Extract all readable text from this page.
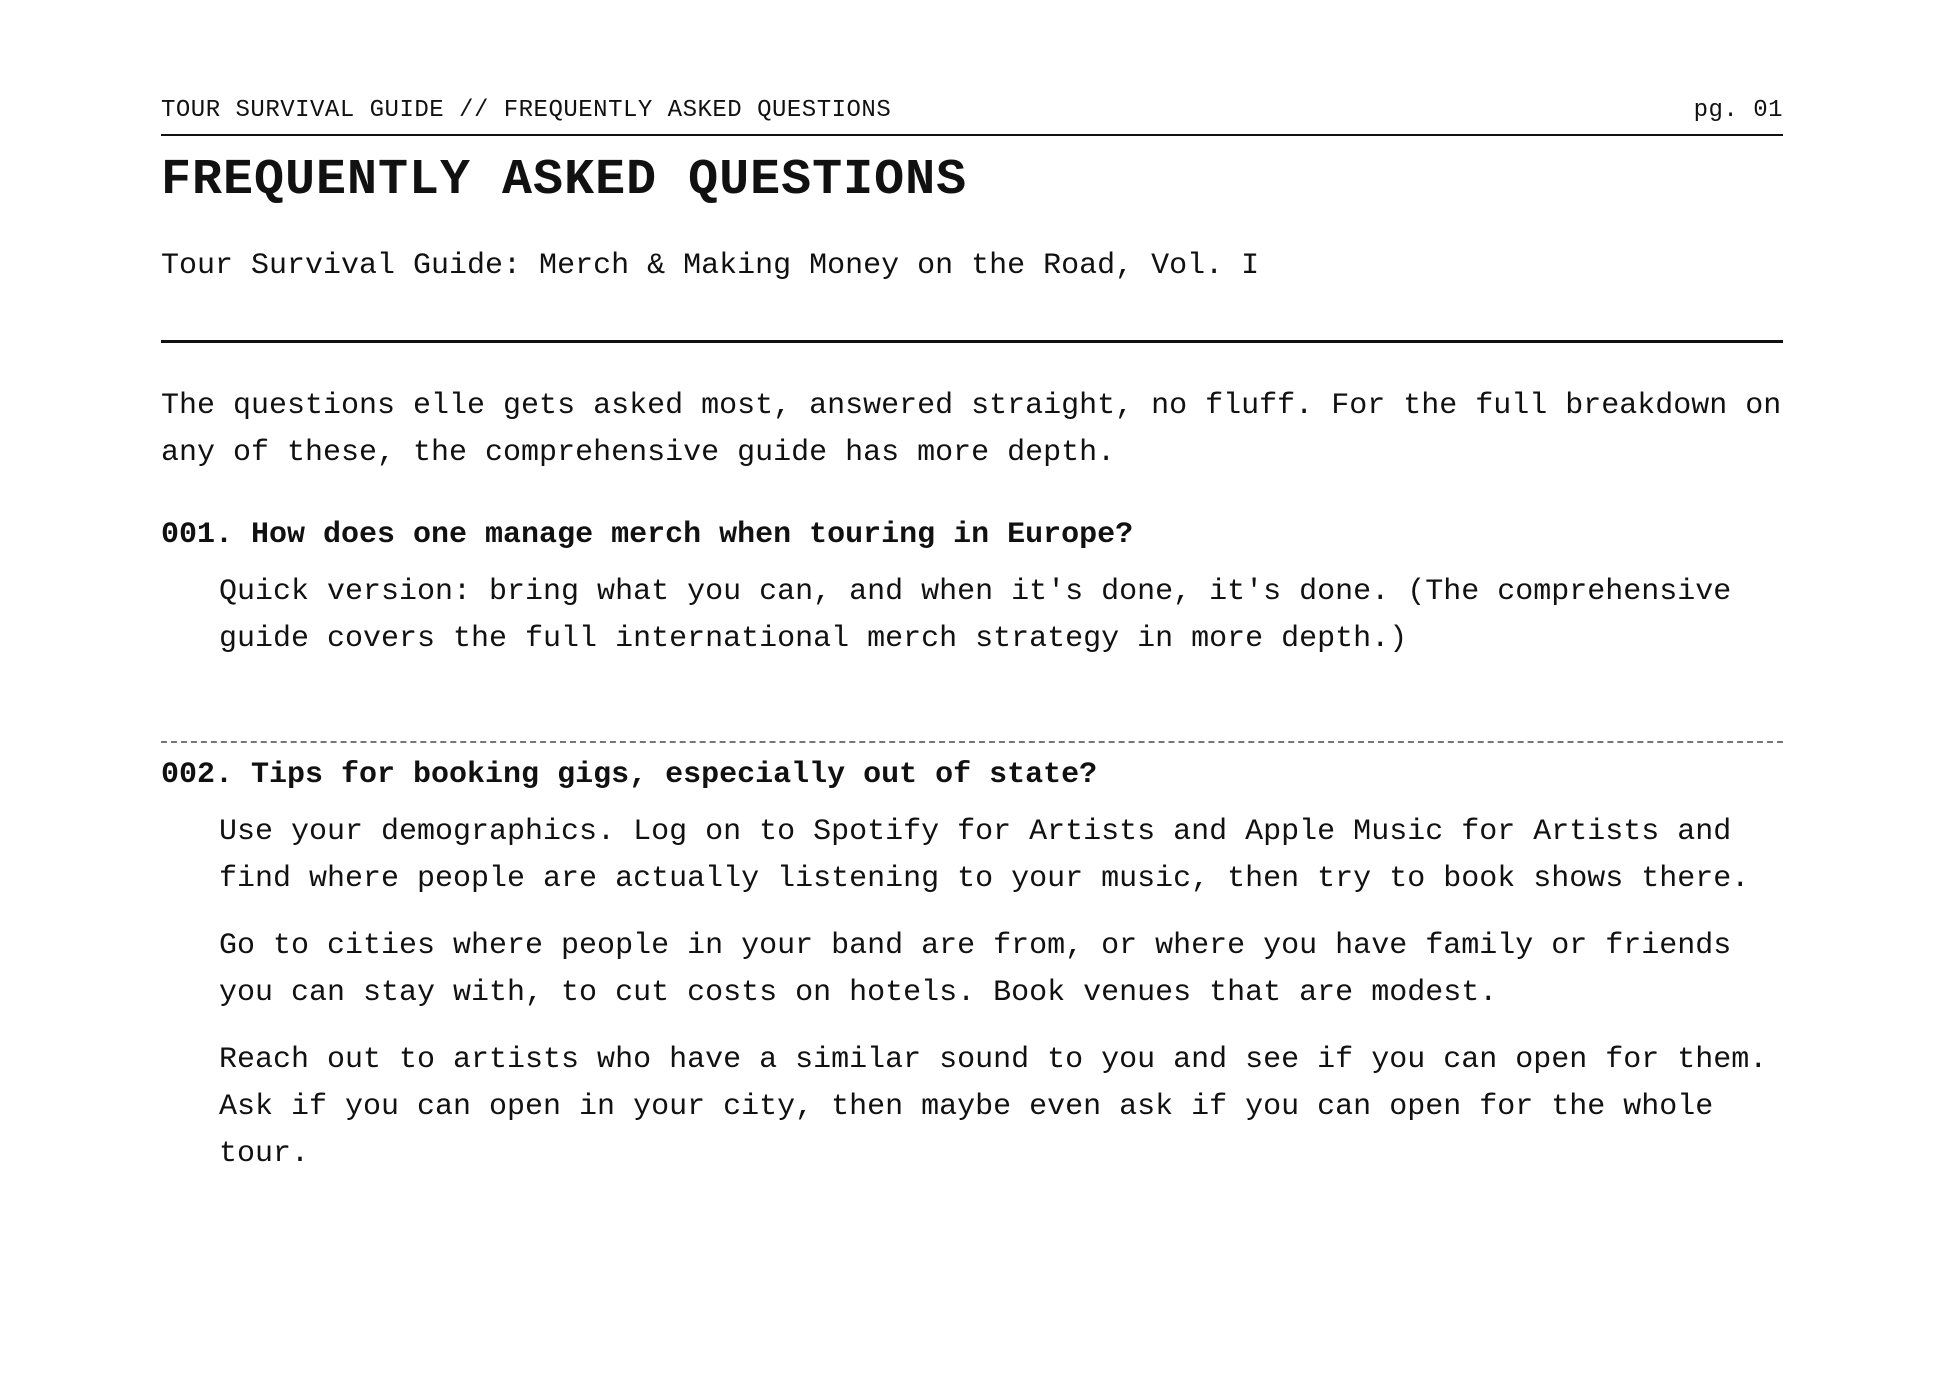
TOUR SURVIVAL GUIDE // FREQUENTLY ASKED QUESTIONS	pg. 01
FREQUENTLY ASKED QUESTIONS
Tour Survival Guide: Merch & Making Money on the Road, Vol. I

The questions elle gets asked most, answered straight, no fluff. For the full breakdown on any of these, the comprehensive guide has more depth.

001. How does one manage merch when touring in Europe?

Quick version: bring what you can, and when it's done, it's done. (The comprehensive guide covers the full international merch strategy in more depth.)

002. Tips for booking gigs, especially out of state?

Use your demographics. Log on to Spotify for Artists and Apple Music for Artists and find where people are actually listening to your music, then try to book shows there.

Go to cities where people in your band are from, or where you have family or friends you can stay with, to cut costs on hotels. Book venues that are modest.

Reach out to artists who have a similar sound to you and see if you can open for them. Ask if you can open in your city, then maybe even ask if you can open for the whole tour.
